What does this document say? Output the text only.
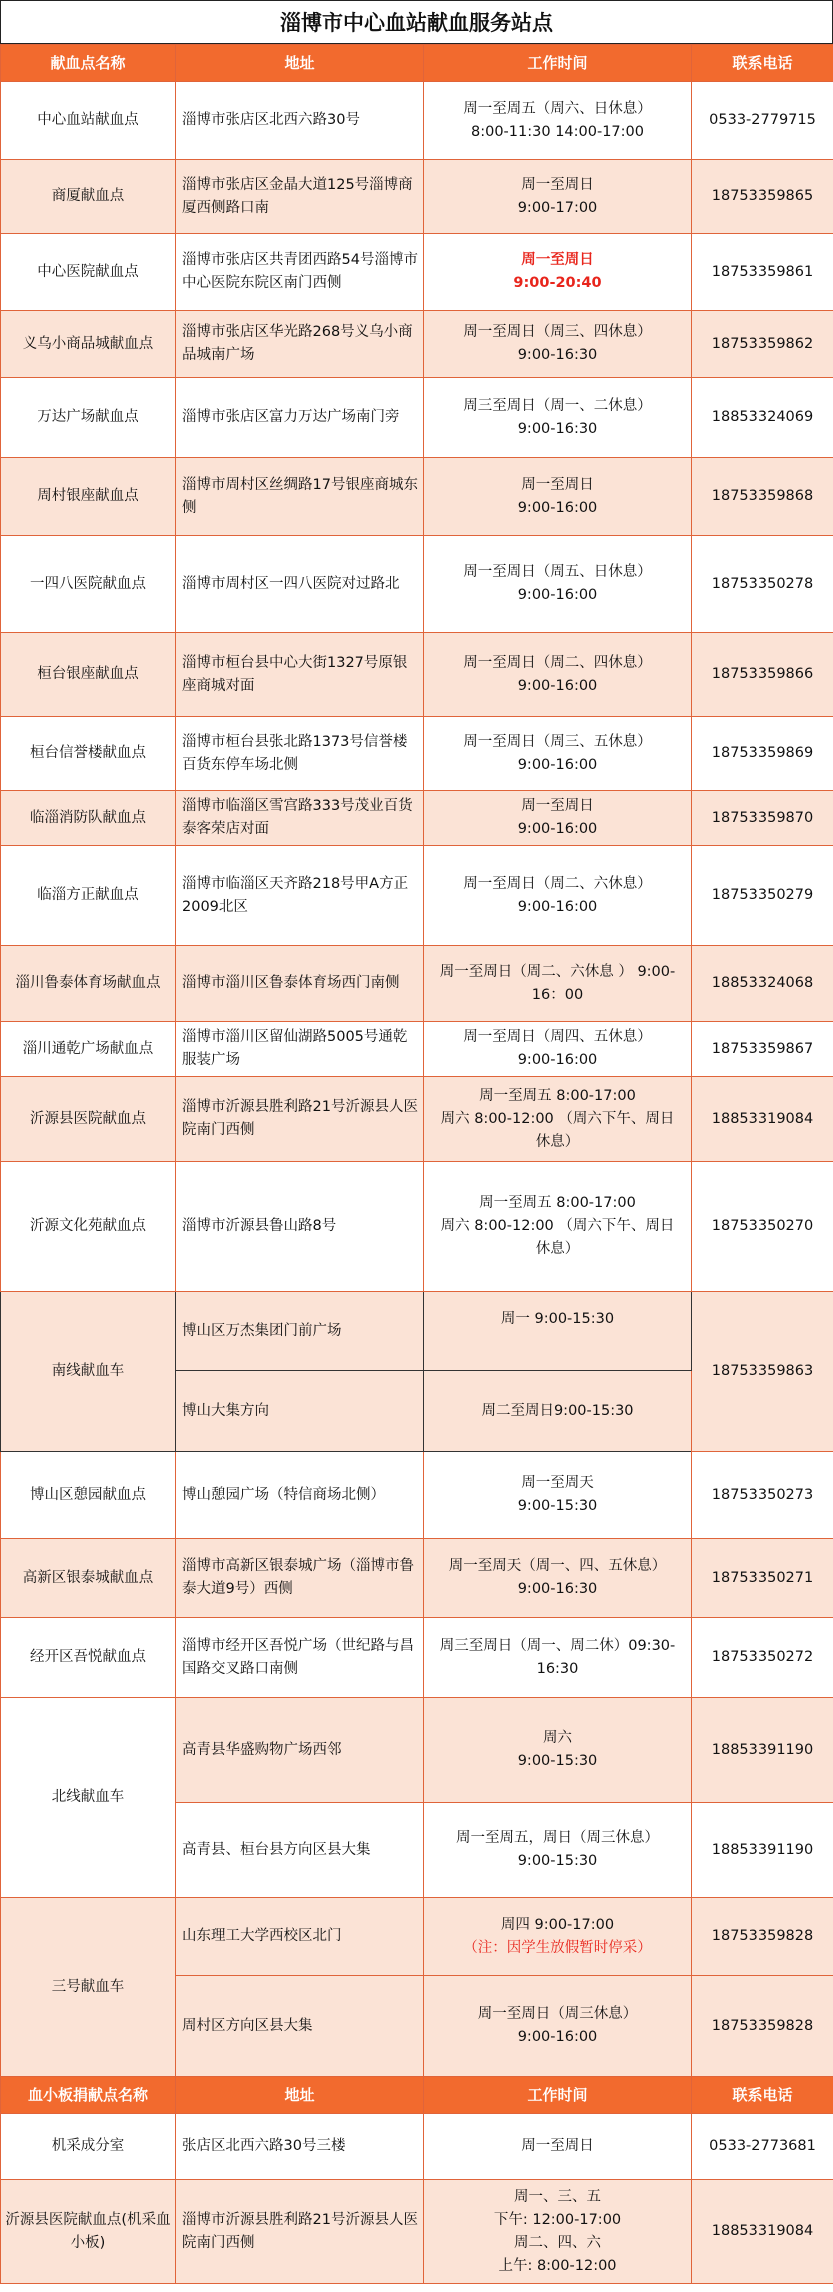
淄博市中心血站献血服务站点
献血点名称	地址	工作时间	联系电话
中心血站献血点	淄博市张店区北西六路30号	周一至周五（周六、日休息）
8:00-11:30 14:00-17:00	0533-2779715
商厦献血点	淄博市张店区金晶大道125号淄博商厦西侧路口南	周一至周日
9:00-17:00	18753359865
中心医院献血点	淄博市张店区共青团西路54号淄博市中心医院东院区南门西侧	周一至周日
9:00-20:40	18753359861
义乌小商品城献血点	淄博市张店区华光路268号义乌小商品城南广场	周一至周日（周三、四休息）
9:00-16:30	18753359862
万达广场献血点	淄博市张店区富力万达广场南门旁	周三至周日（周一、二休息）
9:00-16:30	18853324069
周村银座献血点	淄博市周村区丝绸路17号银座商城东侧	周一至周日
9:00-16:00	18753359868
一四八医院献血点	淄博市周村区一四八医院对过路北	周一至周日（周五、日休息）
9:00-16:00	18753350278
桓台银座献血点	淄博市桓台县中心大街1327号原银座商城对面	周一至周日（周二、四休息）
9:00-16:00	18753359866
桓台信誉楼献血点	淄博市桓台县张北路1373号信誉楼百货东停车场北侧	周一至周日（周三、五休息）
9:00-16:00	18753359869
临淄消防队献血点	淄博市临淄区雪宫路333号茂业百货泰客荣店对面	周一至周日
9:00-16:00	18753359870
临淄方正献血点	淄博市临淄区天齐路218号甲A方正2009北区	周一至周日（周二、六休息）
9:00-16:00	18753350279
淄川鲁泰体育场献血点	淄博市淄川区鲁泰体育场西门南侧	周一至周日（周二、六休息 ） 9:00-
16：00	18853324068
淄川通乾广场献血点	淄博市淄川区留仙湖路5005号通乾服装广场	周一至周日（周四、五休息）
9:00-16:00	18753359867
沂源县医院献血点	淄博市沂源县胜利路21号沂源县人医院南门西侧	周一至周五 8:00-17:00
周六 8:00-12:00 （周六下午、周日
休息）	18853319084
沂源文化苑献血点	淄博市沂源县鲁山路8号	周一至周五 8:00-17:00
周六 8:00-12:00 （周六下午、周日
休息）	18753350270
南线献血车	博山区万杰集团门前广场	周一 9:00-15:30	18753359863
	博山大集方向	周二至周日9:00-15:30	
博山区憩园献血点	博山憩园广场（特信商场北侧）	周一至周天
9:00-15:30	18753350273
高新区银泰城献血点	淄博市高新区银泰城广场（淄博市鲁泰大道9号）西侧	周一至周天（周一、四、五休息）
9:00-16:30	18753350271
经开区吾悦献血点	淄博市经开区吾悦广场（世纪路与昌国路交叉路口南侧	周三至周日（周一、周二休）09:30-
16:30	18753350272
北线献血车	高青县华盛购物广场西邻	周六
9:00-15:30	18853391190
	高青县、桓台县方向区县大集	周一至周五，周日（周三休息）
9:00-15:30	18853391190
三号献血车	山东理工大学西校区北门	周四 9:00-17:00
（注：因学生放假暂时停采）	18753359828
	周村区方向区县大集	周一至周日（周三休息）
9:00-16:00	18753359828
血小板捐献点名称	地址	工作时间	联系电话
机采成分室	张店区北西六路30号三楼	周一至周日	0533-2773681
沂源县医院献血点(机采血小板)	淄博市沂源县胜利路21号沂源县人医院南门西侧	周一、三、五
下午: 12:00-17:00
周二、四、六
上午: 8:00-12:00	18853319084
